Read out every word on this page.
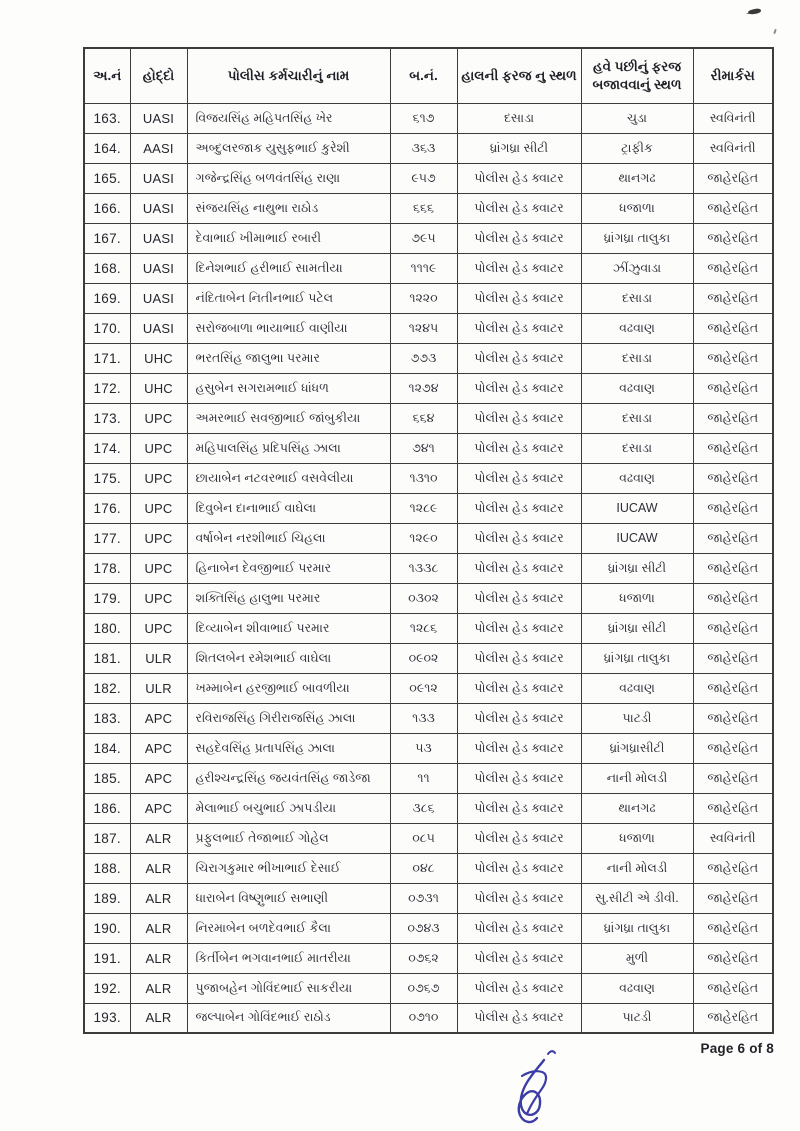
અ.નં	હોદ્દો	પોલીસ કર્મચારીનું નામ	બ.નં.	હાલની ફરજ નુ સ્થળ	હવે પછીનું ફરજ બજાવવાનું સ્થળ	રીમાર્કસ
163.	UASI	વિજયસિંહ મહિપતસિંહ ખેર	૬૧૭	દસાડા	ચુડા	સ્વવિનંતી
164.	AASI	અબ્દુલરજાક યુસુફભાઈ કુરેશી	૩૬૩	ધ્રાંગધ્રા સીટી	ટ્રાફીક	સ્વવિનંતી
165.	UASI	ગજેન્દ્રસિંહ બળવંતસિંહ રાણા	૯૫૭	પોલીસ હેડ ક્વાટર	થાનગઢ	જાહેરહિત
166.	UASI	સંજયસિંહ નાથુભા રાઠોડ	૬૬૬	પોલીસ હેડ ક્વાટર	ધજાળા	જાહેરહિત
167.	UASI	દેવાભાઈ ખીમાભાઈ રબારી	૭૯૫	પોલીસ હેડ ક્વાટર	ધ્રાંગધ્રા તાલુકા	જાહેરહિત
168.	UASI	દિનેશભાઈ હરીભાઈ સામતીયા	૧૧૧૯	પોલીસ હેડ ક્વાટર	ઝીંઝુવાડા	જાહેરહિત
169.	UASI	નંદિતાબેન નિતીનભાઈ પટેલ	૧૨૨૦	પોલીસ હેડ ક્વાટર	દસાડા	જાહેરહિત
170.	UASI	સરોજબાળા ભાયાભાઈ વાણીયા	૧૨૪૫	પોલીસ હેડ ક્વાટર	વઢવાણ	જાહેરહિત
171.	UHC	ભરતસિંહ જાલુભા પરમાર	૭૭૩	પોલીસ હેડ ક્વાટર	દસાડા	જાહેરહિત
172.	UHC	હસુબેન સગરામભાઈ ધાંધળ	૧૨૭૪	પોલીસ હેડ ક્વાટર	વઢવાણ	જાહેરહિત
173.	UPC	અમરભાઈ સવજીભાઈ જાંબુકીયા	૬૬૪	પોલીસ હેડ ક્વાટર	દસાડા	જાહેરહિત
174.	UPC	મહિપાલસિંહ પ્રદિપસિંહ ઝાલા	૭૪૧	પોલીસ હેડ ક્વાટર	દસાડા	જાહેરહિત
175.	UPC	છાયાબેન નટવરભાઈ વસવેલીયા	૧૩૧૦	પોલીસ હેડ ક્વાટર	વઢવાણ	જાહેરહિત
176.	UPC	દિવુબેન દાનાભાઈ વાઘેલા	૧૨૮૯	પોલીસ હેડ ક્વાટર	IUCAW	જાહેરહિત
177.	UPC	વર્ષાબેન નરશીભાઈ ચિહલા	૧૨૯૦	પોલીસ હેડ ક્વાટર	IUCAW	જાહેરહિત
178.	UPC	હિનાબેન દેવજીભાઈ પરમાર	૧૩૩૮	પોલીસ હેડ ક્વાટર	ધ્રાંગધ્રા સીટી	જાહેરહિત
179.	UPC	શક્તિસિંહ હાલુભા પરમાર	૦૩૦૨	પોલીસ હેડ ક્વાટર	ધજાળા	જાહેરહિત
180.	UPC	દિવ્યાબેન શીવાભાઈ પરમાર	૧૨૮૬	પોલીસ હેડ ક્વાટર	ધ્રાંગધ્રા સીટી	જાહેરહિત
181.	ULR	શિતલબેન રમેશભાઈ વાઘેલા	૦૯૦૨	પોલીસ હેડ ક્વાટર	ધ્રાંગધ્રા તાલુકા	જાહેરહિત
182.	ULR	ખમ્માબેન હરજીભાઈ બાવળીયા	૦૯૧૨	પોલીસ હેડ ક્વાટર	વઢવાણ	જાહેરહિત
183.	APC	રવિરાજસિંહ ગિરીરાજસિંહ ઝાલા	૧૩૩	પોલીસ હેડ ક્વાટર	પાટડી	જાહેરહિત
184.	APC	સહદેવસિંહ પ્રતાપસિંહ ઝાલા	૫૩	પોલીસ હેડ ક્વાટર	ધ્રાંગધ્રાસીટી	જાહેરહિત
185.	APC	હરીશ્ચન્દ્રસિંહ જયવંતસિંહ જાડેજા	૧૧	પોલીસ હેડ ક્વાટર	નાની મોલડી	જાહેરહિત
186.	APC	મેલાભાઈ બચુભાઈ ઝાપડીયા	૩૮૬	પોલીસ હેડ ક્વાટર	થાનગઢ	જાહેરહિત
187.	ALR	પ્રફુલભાઈ તેજાભાઈ ગોહેલ	૦૮૫	પોલીસ હેડ ક્વાટર	ધજાળા	સ્વવિનંતી
188.	ALR	ચિરાગકુમાર ભીખાભાઈ દેસાઈ	૦૪૮	પોલીસ હેડ ક્વાટર	નાની મોલડી	જાહેરહિત
189.	ALR	ધારાબેન વિષ્ણુભાઈ સભાણી	૦૭૩૧	પોલીસ હેડ ક્વાટર	સુ.સીટી એ ડીવી.	જાહેરહિત
190.	ALR	નિરમાબેન બળદેવભાઈ કૈલા	૦૭૪૩	પોલીસ હેડ ક્વાટર	ધ્રાંગધ્રા તાલુકા	જાહેરહિત
191.	ALR	કિર્તીબેન ભગવાનભાઈ માતરીયા	૦૭૬૨	પોલીસ હેડ ક્વાટર	મુળી	જાહેરહિત
192.	ALR	પુજાબહેન ગોવિંદભાઈ સાકરીયા	૦૭૬૭	પોલીસ હેડ ક્વાટર	વઢવાણ	જાહેરહિત
193.	ALR	જલ્પાબેન ગોવિંદભાઈ રાઠોડ	૦૭૧૦	પોલીસ હેડ ક્વાટર	પાટડી	જાહેરહિત
Page 6 of 8
